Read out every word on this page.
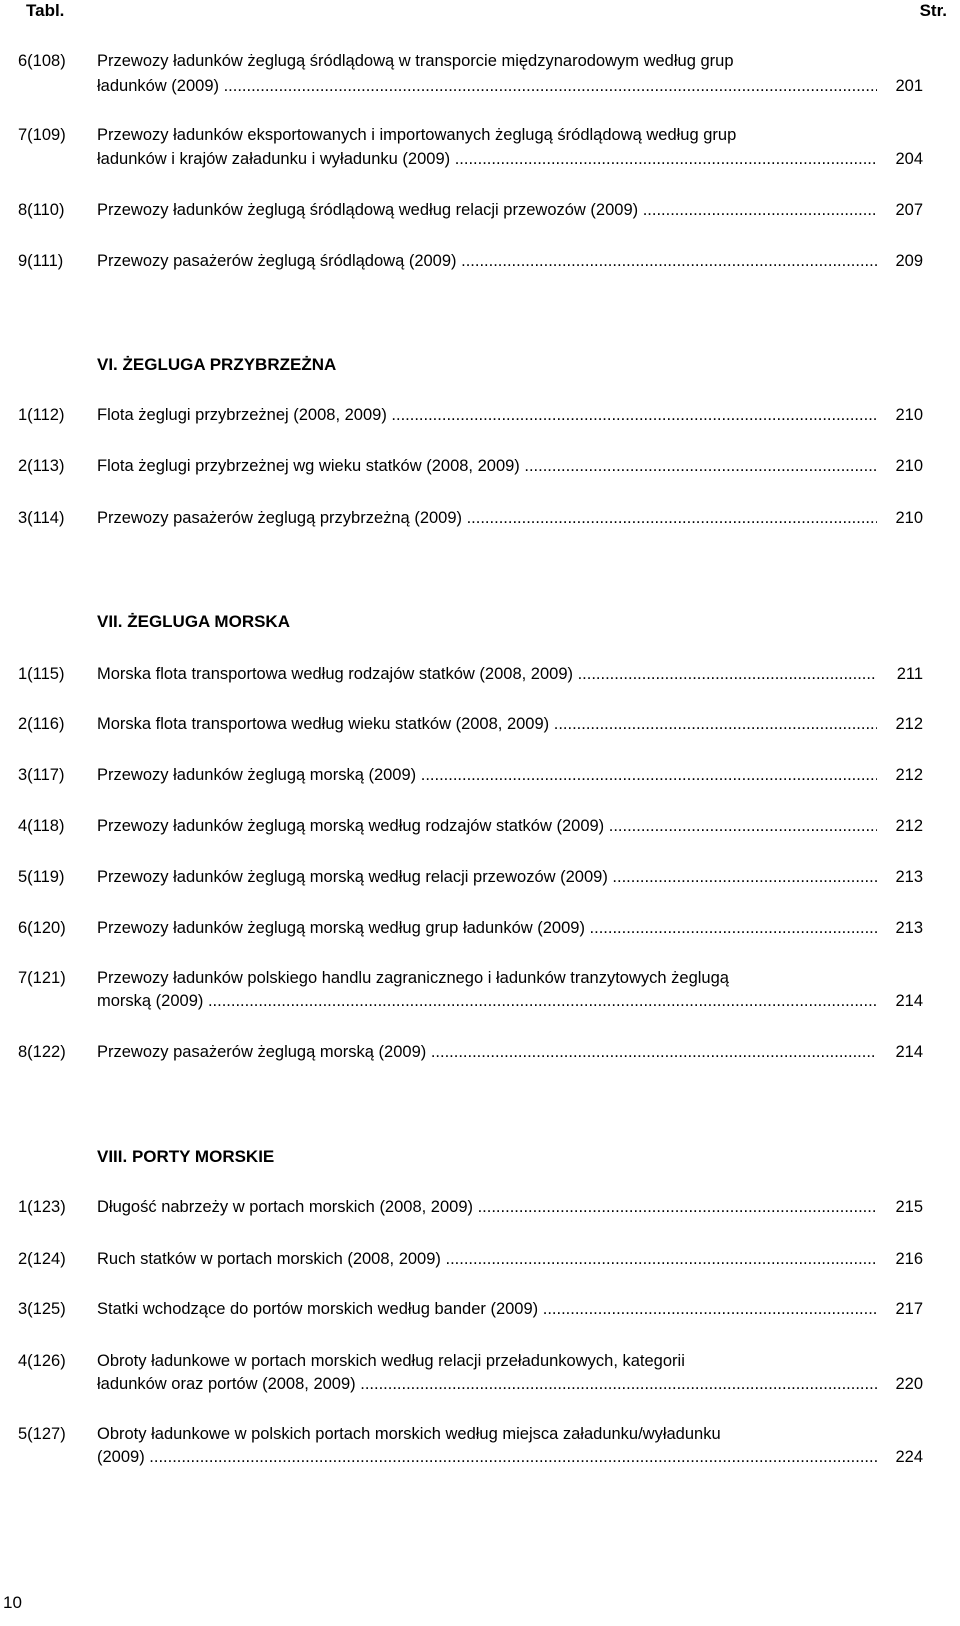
Tabl.	Str.
6(108) Przewozy ładunków żeglugą śródlądową w transporcie międzynarodowym według grup
ładunków (2009) .....	201
7(109) Przewozy ładunków eksportowanych i importowanych żeglugą śródlądową według grup
ładunków i krajów załadunku i wyładunku (2009) .....	204
8(110) Przewozy ładunków żeglugą śródlądową według relacji przewozów (2009) .....	207
9(111) Przewozy pasażerów żeglugą śródlądową (2009) .....	209
VI. ŻEGLUGA PRZYBRZEŻNA
1(112) Flota żeglugi przybrzeżnej (2008, 2009) .....	210
2(113) Flota żeglugi przybrzeżnej wg wieku statków (2008, 2009) .....	210
3(114) Przewozy pasażerów żeglugą przybrzeżną (2009) .....	210
VII. ŻEGLUGA MORSKA
1(115) Morska flota transportowa według rodzajów statków (2008, 2009) .....	211
2(116) Morska flota transportowa według wieku statków (2008, 2009) .....	212
3(117) Przewozy ładunków żeglugą morską (2009) .....	212
4(118) Przewozy ładunków żeglugą morską według rodzajów statków (2009) .....	212
5(119) Przewozy ładunków żeglugą morską według relacji przewozów (2009) .....	213
6(120) Przewozy ładunków żeglugą morską według grup ładunków (2009) .....	213
7(121) Przewozy ładunków polskiego handlu zagranicznego i ładunków tranzytowych żeglugą
morską (2009) .....	214
8(122) Przewozy pasażerów żeglugą morską (2009) .....	214
VIII. PORTY MORSKIE
1(123) Długość nabrzeży w portach morskich (2008, 2009) .....	215
2(124) Ruch statków w portach morskich (2008, 2009) .....	216
3(125) Statki wchodzące do portów morskich według bander (2009) .....	217
4(126) Obroty ładunkowe w portach morskich według relacji przeładunkowych, kategorii
ładunków oraz portów (2008, 2009) .....	220
5(127) Obroty ładunkowe w polskich portach morskich według miejsca załadunku/wyładunku
(2009) .....	224
10
